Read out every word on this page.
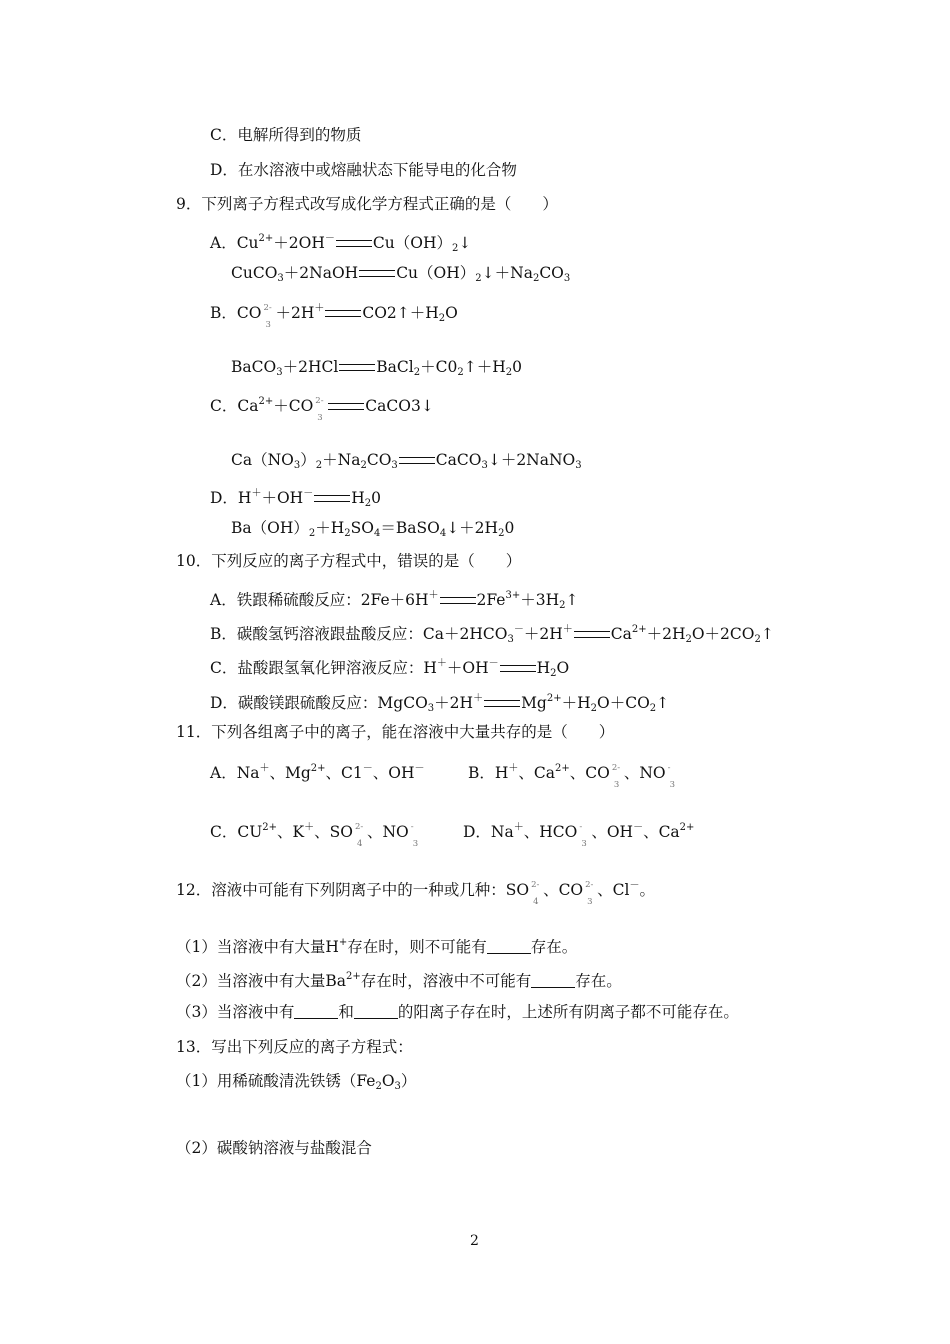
C．电解所得到的物质
D．在水溶液中或熔融状态下能导电的化合物
9．下列离子方程式改写成化学方程式正确的是（　　）
A．$Cu^{2+}+2OH^-$ $Cu(OH)_2↓$
CuCO$_3$＋2NaOH $Cu(OH)_2↓+Na_2CO_3$
B．CO 2-
3
＋2H＋ $CO2↑+H_2O$
BaCO$_3$＋2HCl $BaCl_2+C0_2↑+H_20$
C．$Ca^{2+}+CO$ 2-
3
CaCO3↓
$Ca(NO_3)_2+Na_2CO_3$ CaCO$_3$↓＋2NaNO$_3$
D．H＋＋OH－ $H_20$
$Ba(OH)_2+H_2SO_4=BaSO_4↓+2H_20$
10．下列反应的离子方程式中，错误的是（　　）
A．铁跟稀硫酸反应：2Fe＋6H＋ $2Fe^{3+}+3H_2↑$
B．碳酸氢钙溶液跟盐酸反应：$Ca+2HCO_3^-+2H^+$ $Ca^{2+}+2H_2O+2CO_2↑$
C．盐酸跟氢氧化钾溶液反应：H＋＋OH－ $H_2O$
D．碳酸镁跟硫酸反应：MgCO$_3$＋2H＋ $Mg^{2+}+H_2O+CO_2↑$
11．下列各组离子中的离子，能在溶液中大量共存的是（　　）
A．Na＋、$Mg^{2+}$、C1－、OH－	B．H＋、$Ca^{2+}$、CO 2-
3
、NO -
3
C．$CU^{2+}$、K＋、SO 2-
4
、NO -
3
D．Na＋、HCO -
3
、OH－、$Ca^{2+}$
12．溶液中可能有下列阴离子中的一种或几种：SO 2-
4
、CO 2-
3
、Cl－。
（1）当溶液中有大量H+存在时，则不可能有	存在。
（2）当溶液中有大量$Ba^{2+}$存在时，溶液中不可能有	存在。
（3）当溶液中有	和	的阳离子存在时，上述所有阴离子都不可能存在。
13．写出下列反应的离子方程式：
（1）用稀硫酸清洗铁锈$(Fe_2O_3)$
（2）碳酸钠溶液与盐酸混合
2
